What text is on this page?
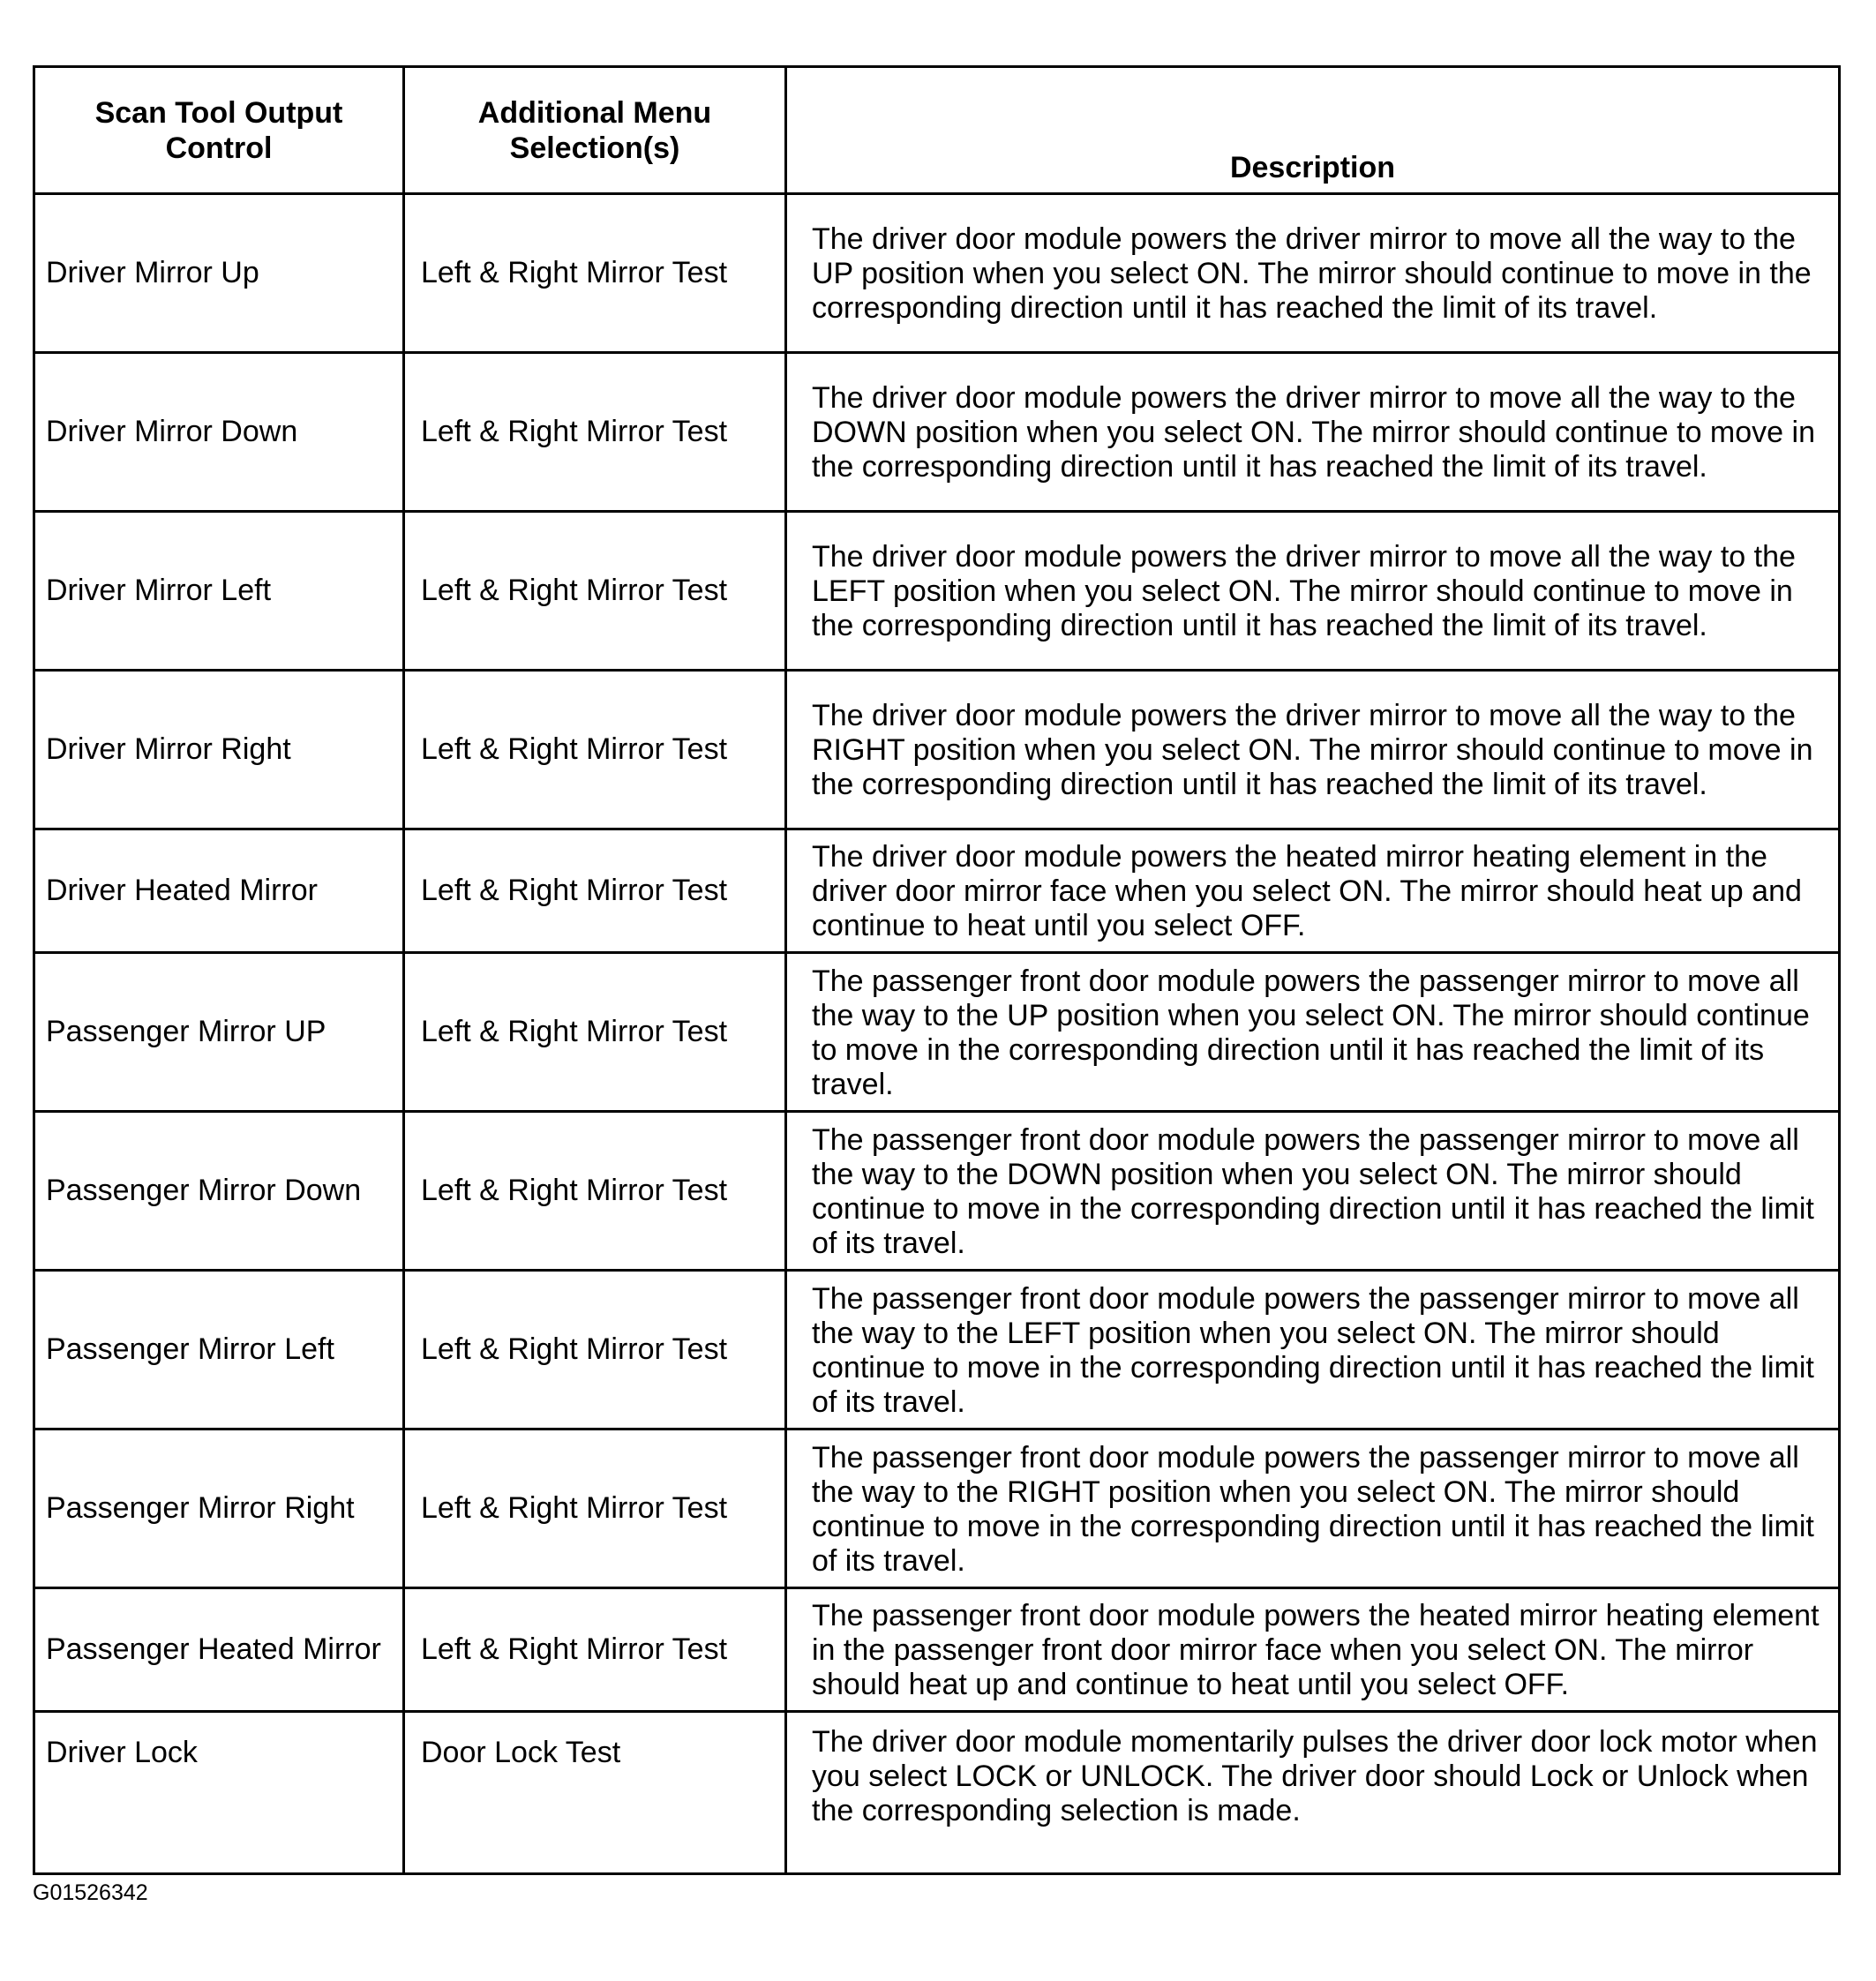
Scan Tool Output Control	Additional Menu Selection(s)	Description
Driver Mirror Up	Left & Right Mirror Test	The driver door module powers the driver mirror to move all the way to the UP position when you select ON. The mirror should continue to move in the corresponding direction until it has reached the limit of its travel.
Driver Mirror Down	Left & Right Mirror Test	The driver door module powers the driver mirror to move all the way to the DOWN position when you select ON. The mirror should continue to move in the corresponding direction until it has reached the limit of its travel.
Driver Mirror Left	Left & Right Mirror Test	The driver door module powers the driver mirror to move all the way to the LEFT position when you select ON. The mirror should continue to move in the corresponding direction until it has reached the limit of its travel.
Driver Mirror Right	Left & Right Mirror Test	The driver door module powers the driver mirror to move all the way to the RIGHT position when you select ON. The mirror should continue to move in the corresponding direction until it has reached the limit of its travel.
Driver Heated Mirror	Left & Right Mirror Test	The driver door module powers the heated mirror heating element in the driver door mirror face when you select ON. The mirror should heat up and continue to heat until you select OFF.
Passenger Mirror UP	Left & Right Mirror Test	The passenger front door module powers the passenger mirror to move all the way to the UP position when you select ON. The mirror should continue to move in the corresponding direction until it has reached the limit of its travel.
Passenger Mirror Down	Left & Right Mirror Test	The passenger front door module powers the passenger mirror to move all the way to the DOWN position when you select ON. The mirror should continue to move in the corresponding direction until it has reached the limit of its travel.
Passenger Mirror Left	Left & Right Mirror Test	The passenger front door module powers the passenger mirror to move all the way to the LEFT position when you select ON. The mirror should continue to move in the corresponding direction until it has reached the limit of its travel.
Passenger Mirror Right	Left & Right Mirror Test	The passenger front door module powers the passenger mirror to move all the way to the RIGHT position when you select ON. The mirror should continue to move in the corresponding direction until it has reached the limit of its travel.
Passenger Heated Mirror	Left & Right Mirror Test	The passenger front door module powers the heated mirror heating element in the passenger front door mirror face when you select ON. The mirror should heat up and continue to heat until you select OFF.
Driver Lock	Door Lock Test	The driver door module momentarily pulses the driver door lock motor when you select LOCK or UNLOCK. The driver door should Lock or Unlock when the corresponding selection is made.
G01526342
